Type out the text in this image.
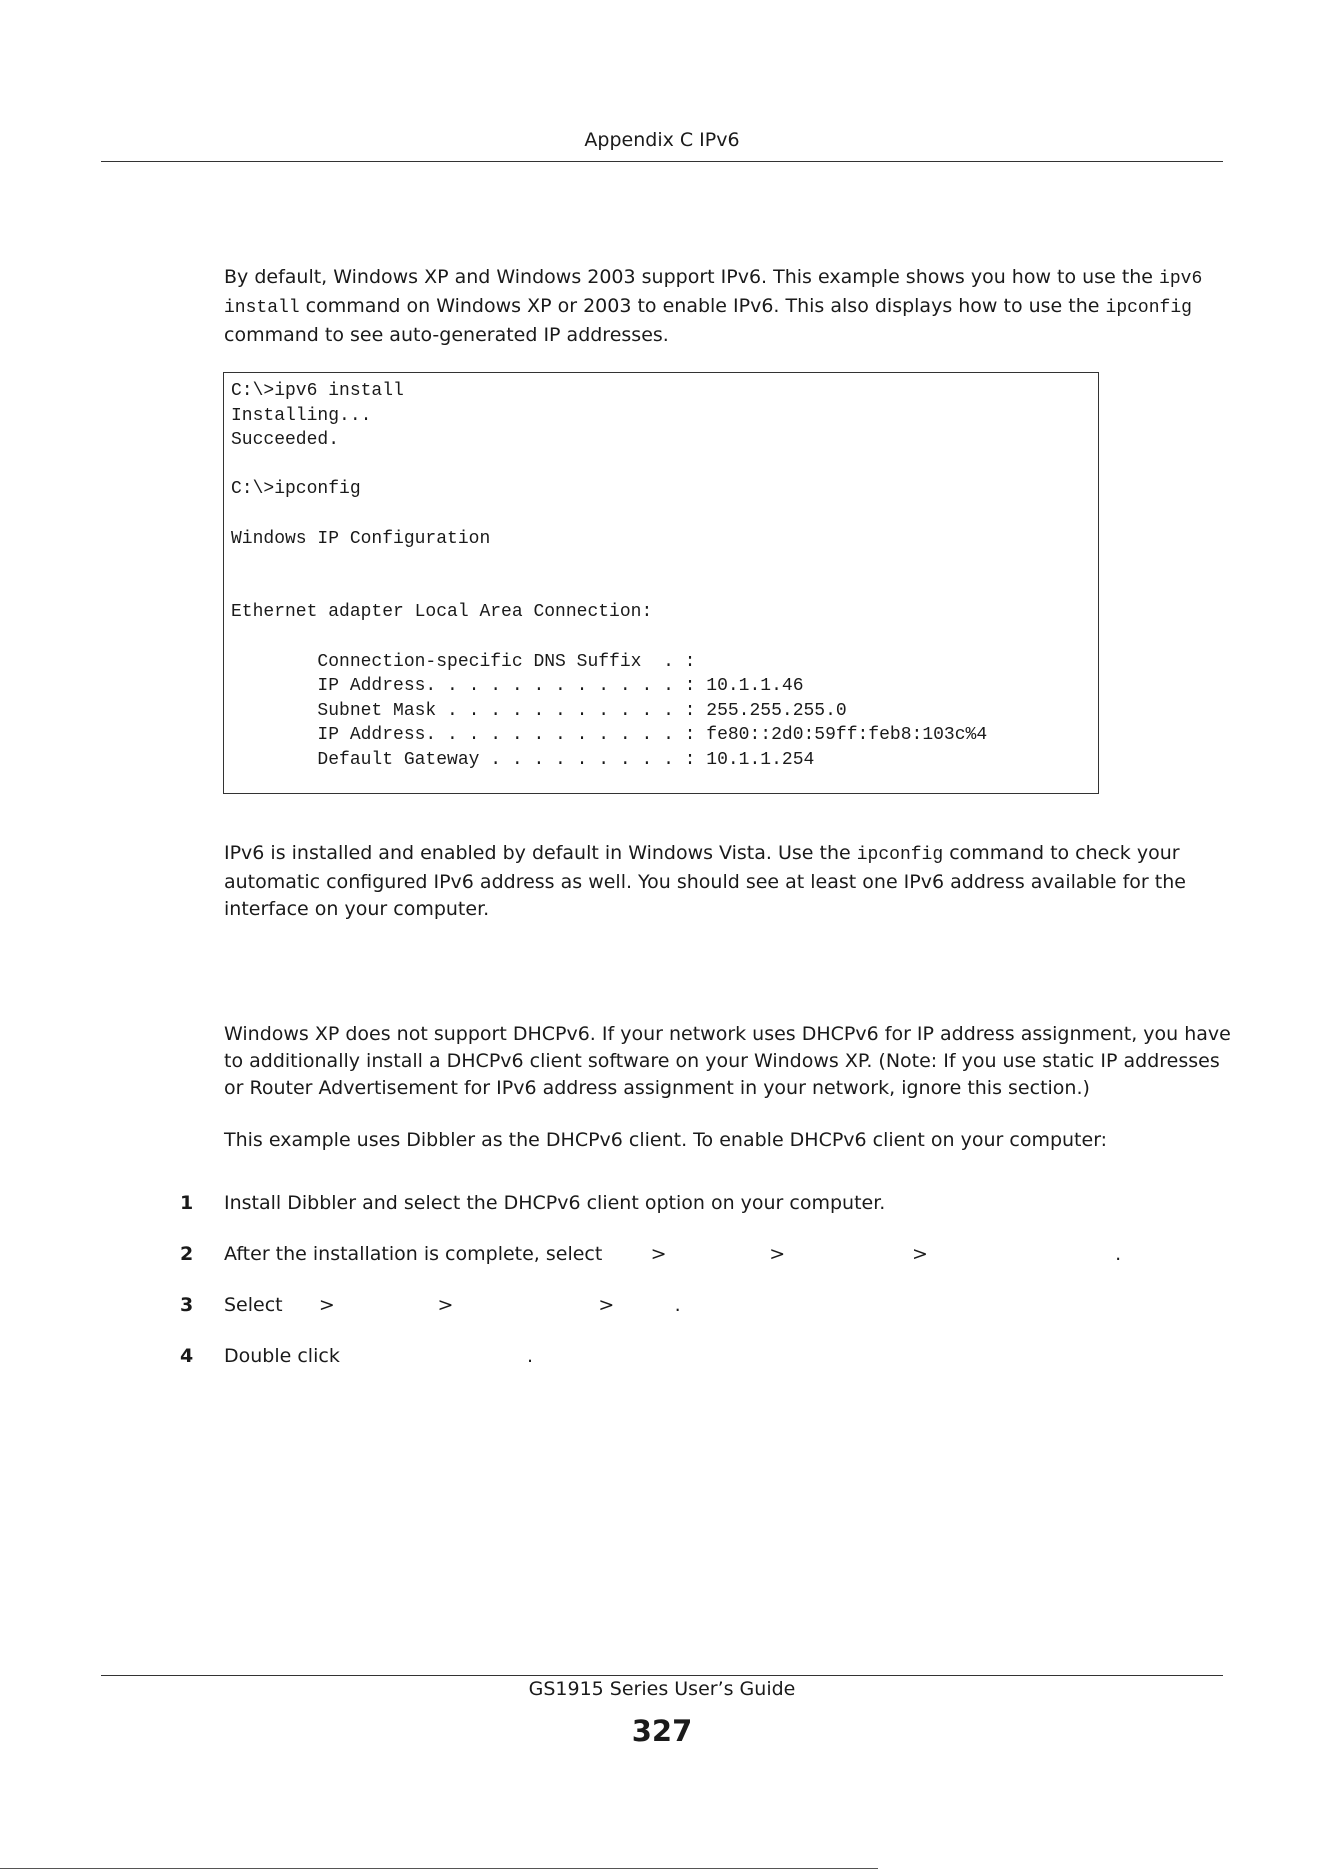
Appendix C IPv6
By default, Windows XP and Windows 2003 support IPv6. This example shows you how to use the ipv6
install command on Windows XP or 2003 to enable IPv6. This also displays how to use the ipconfig
command to see auto-generated IP addresses.
C:\>ipv6 install
Installing...
Succeeded.
C:\>ipconfig
Windows IP Configuration
Ethernet adapter Local Area Connection:
Connection-specific DNS Suffix  . :
IP Address. . . . . . . . . . . . : 10.1.1.46
Subnet Mask . . . . . . . . . . . : 255.255.255.0
IP Address. . . . . . . . . . . . : fe80::2d0:59ff:feb8:103c%4
Default Gateway . . . . . . . . . : 10.1.1.254
IPv6 is installed and enabled by default in Windows Vista. Use the ipconfig command to check your automatic configured IPv6 address as well. You should see at least one IPv6 address available for the interface on your computer.
Windows XP does not support DHCPv6. If your network uses DHCPv6 for IP address assignment, you have to additionally install a DHCPv6 client software on your Windows XP. (Note: If you use static IP addresses or Router Advertisement for IPv6 address assignment in your network, ignore this section.)
This example uses Dibbler as the DHCPv6 client. To enable DHCPv6 client on your computer:
1 Install Dibbler and select the DHCPv6 client option on your computer.
2 After the installation is complete, select        >                 >                     >                               .
3 Select      >                 >                        >          .
4 Double click                               .
GS1915 Series User’s Guide
327
